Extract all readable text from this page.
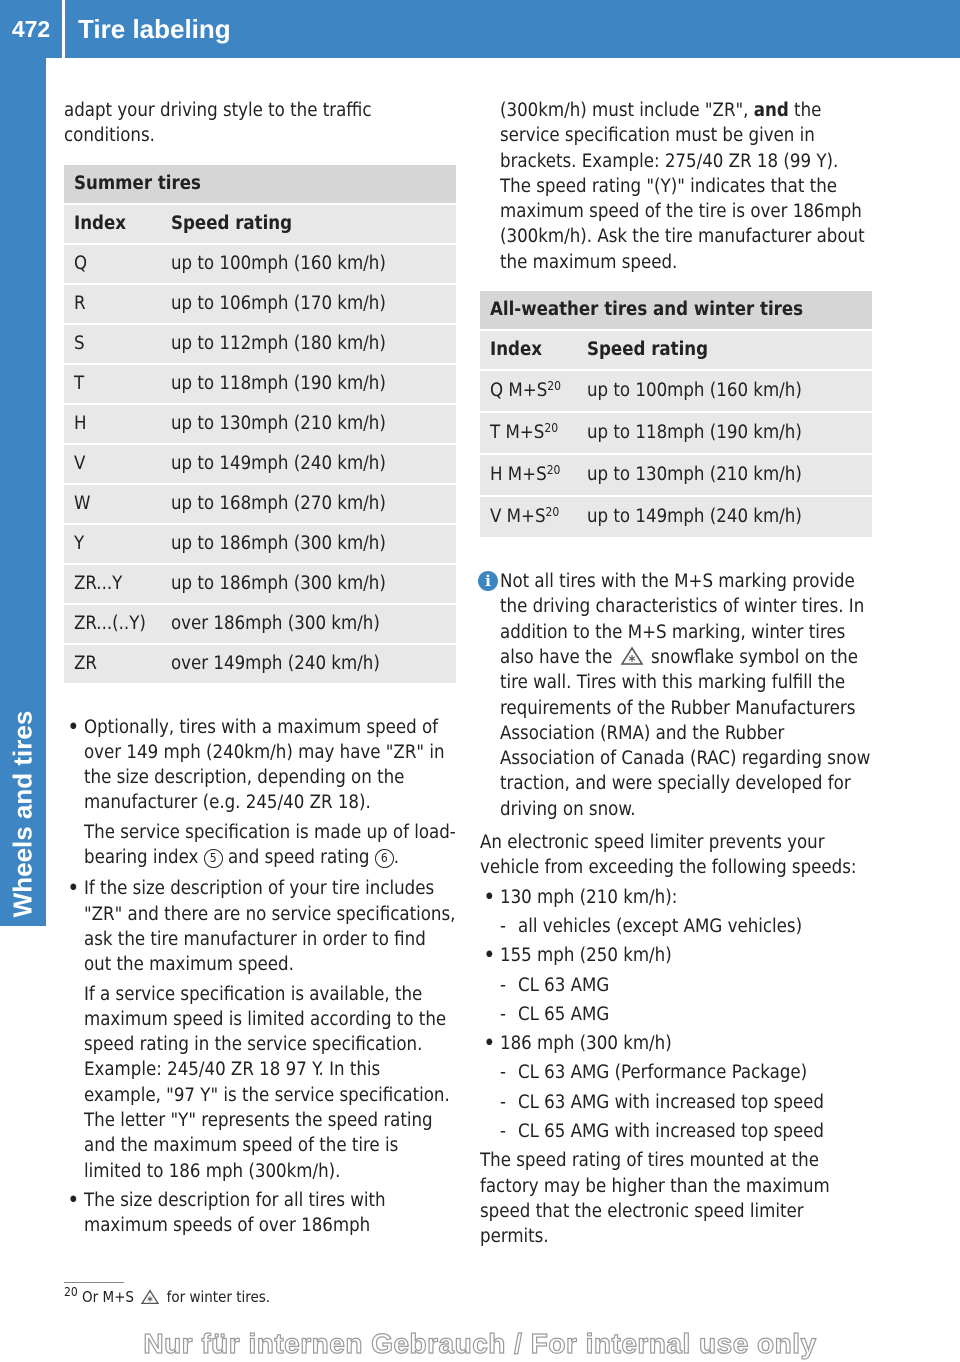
472	Tire labeling
Wheels and tires

adapt your driving style to the traffic conditions.

Summer tires	
Index	Speed rating
Q	up to 100mph (160 km/h)
R	up to 106mph (170 km/h)
S	up to 112mph (180 km/h)
T	up to 118mph (190 km/h)
H	up to 130mph (210 km/h)
V	up to 149mph (240 km/h)
W	up to 168mph (270 km/h)
Y	up to 186mph (300 km/h)
ZR...Y	up to 186mph (300 km/h)
ZR...(..Y)	over 186mph (300 km/h)
ZR	over 149mph (240 km/h)

• Optionally, tires with a maximum speed of over 149 mph (240km/h) may have "ZR" in the size description, depending on the manufacturer (e.g. 245/40 ZR 18).

The service specification is made up of load-bearing index 5 and speed rating 6 .

• If the size description of your tire includes "ZR" and there are no service specifications, ask the tire manufacturer in order to find out the maximum speed.

If a service specification is available, the maximum speed is limited according to the speed rating in the service specification. Example: 245/40 ZR 18 97 Y. In this example, "97 Y" is the service specification. The letter "Y" represents the speed rating and the maximum speed of the tire is limited to 186 mph (300km/h).

• The size description for all tires with maximum speeds of over 186mph

(300km/h) must include "ZR", and the service specification must be given in brackets. Example: 275/40 ZR 18 (99 Y). The speed rating "(Y)" indicates that the maximum speed of the tire is over 186mph (300km/h). Ask the tire manufacturer about the maximum speed.

All-weather tires and winter tires	
Index	Speed rating
Q $M+S^{20}$	up to 100mph (160 km/h)
T $M+S^{20}$	up to 118mph (190 km/h)
H $M+S^{20}$	up to 130mph (210 km/h)
V $M+S^{20}$	up to 149mph (240 km/h)

i Not all tires with the M+S marking provide the driving characteristics of winter tires. In addition to the M+S marking, winter tires also have the snowflake symbol on the tire wall. Tires with this marking fulfill the requirements of the Rubber Manufacturers Association (RMA) and the Rubber Association of Canada (RAC) regarding snow traction, and were specially developed for driving on snow.

An electronic speed limiter prevents your vehicle from exceeding the following speeds:

• 130 mph (210 km/h):

- all vehicles (except AMG vehicles)

• 155 mph (250 km/h)

- CL 63 AMG

- CL 65 AMG

• 186 mph (300 km/h)

- CL 63 AMG (Performance Package)

- CL 63 AMG with increased top speed

- CL 65 AMG with increased top speed

The speed rating of tires mounted at the factory may be higher than the maximum speed that the electronic speed limiter permits.

$^{20}$ Or M+S for winter tires.
Nur für internen Gebrauch / For internal use only
